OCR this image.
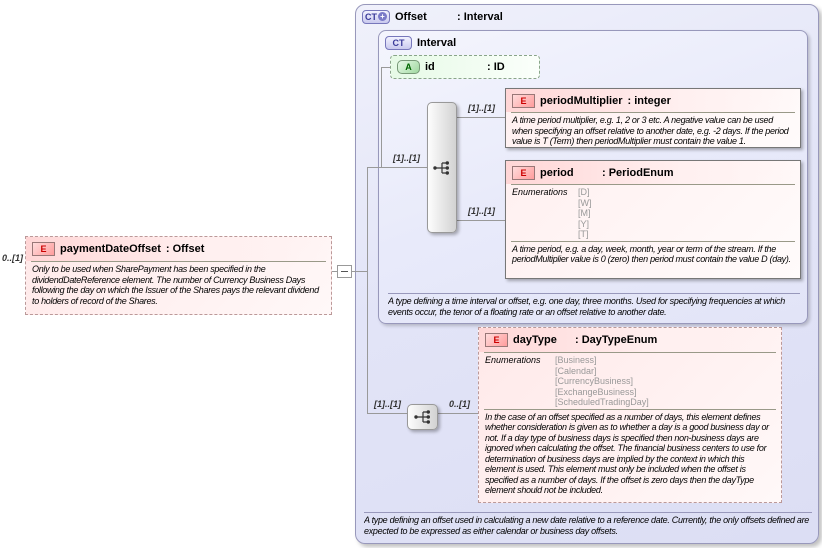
CT + Offset	: Interval
A type defining an offset used in calculating a new date relative to a reference date. Currently, the only offsets defined are expected to be expressed as either calendar or business day offsets.
CT	Interval
A type defining a time interval or offset, e.g. one day, three months. Used for specifying frequencies at which events occur, the tenor of a floating rate or an offset relative to another date.
A	id	: ID
E	periodMultiplier : integer
A time period multiplier, e.g. 1, 2 or 3 etc. A negative value can be used when specifying an offset relative to another date, e.g. -2 days. If the period value is T (Term) then periodMultiplier must contain the value 1.
E	period	: PeriodEnum
Enumerations	[D]
[W]
[M]
[Y]
[T]
A time period, e.g. a day, week, month, year or term of the stream. If the periodMultiplier value is 0 (zero) then period must contain the value D (day).
E	dayType	: DayTypeEnum
Enumerations	[Business]
[Calendar]
[CurrencyBusiness]
[ExchangeBusiness]
[ScheduledTradingDay]
In the case of an offset specified as a number of days, this element defines whether consideration is given as to whether a day is a good business day or not. If a day type of business days is specified then non-business days are ignored when calculating the offset. The financial business centers to use for determination of business days are implied by the context in which this element is used. This element must only be included when the offset is specified as a number of days. If the offset is zero days then the dayType element should not be included.
E	paymentDateOffset : Offset
Only to be used when SharePayment has been specified in the dividendDateReference element. The number of Currency Business Days following the day on which the Issuer of the Shares pays the relevant dividend to holders of record of the Shares.
0..[1]
[1]..[1]
[1]..[1]
[1]..[1]
[1]..[1]	0..[1]
